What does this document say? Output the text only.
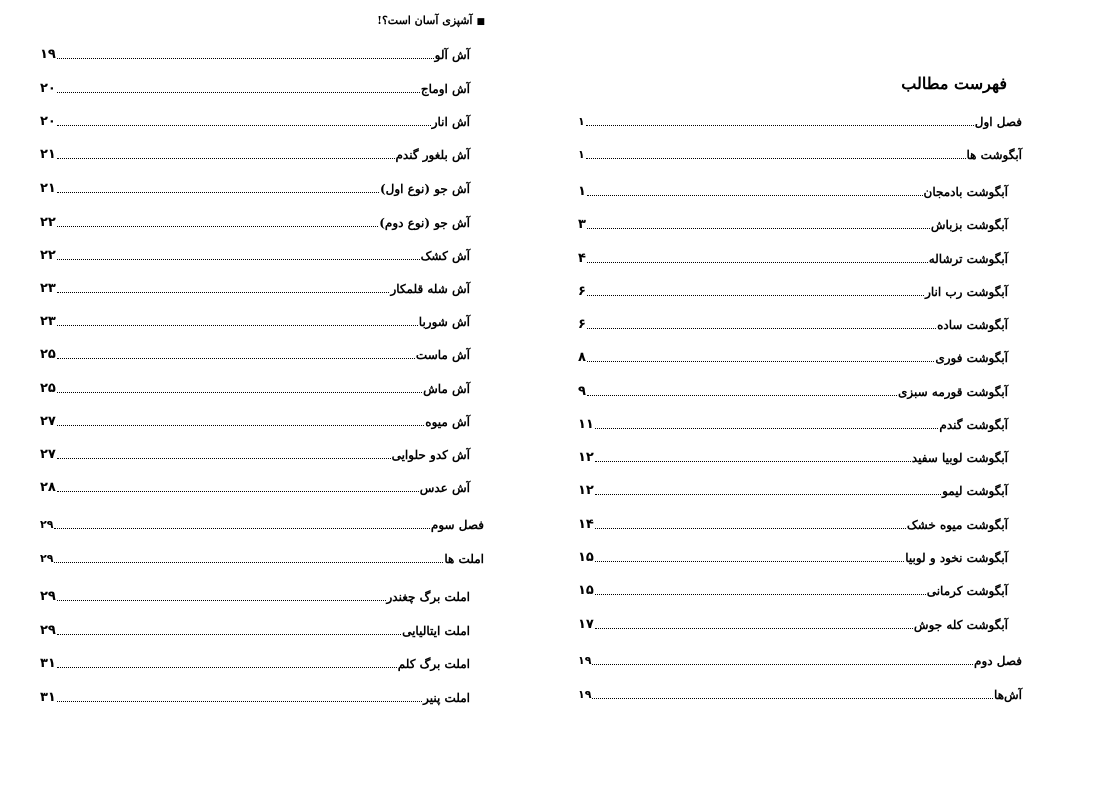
■آشپزی آسان است؟!
فهرست مطالب
فصل اول
۱
آبگوشت ها
۱
آبگوشت بادمجان
۱
آبگوشت بزباش
۳
آبگوشت ترشاله
۴
آبگوشت رب انار
۶
آبگوشت ساده
۶
آبگوشت فوری
۸
آبگوشت قورمه سبزی
۹
آبگوشت گندم
۱۱
آبگوشت لوبیا سفید
۱۲
آبگوشت لیمو
۱۲
آبگوشت میوه خشک
۱۴
آبگوشت نخود و لوبیا
۱۵
آبگوشت کرمانی
۱۵
آبگوشت کله جوش
۱۷
فصل دوم
۱۹
آش‌ها
۱۹
آش آلو
۱۹
آش اوماج
۲۰
آش انار
۲۰
آش بلغور گندم
۲۱
آش جو (نوع اول)
۲۱
آش جو (نوع دوم)
۲۲
آش کشک
۲۲
آش شله قلمکار
۲۳
آش شوربا
۲۳
آش ماست
۲۵
آش ماش
۲۵
آش میوه
۲۷
آش کدو حلوایی
۲۷
آش عدس
۲۸
فصل سوم
۲۹
املت ها
۲۹
املت برگ چغندر
۲۹
املت ایتالیایی
۲۹
املت برگ کلم
۳۱
املت پنیر
۳۱
